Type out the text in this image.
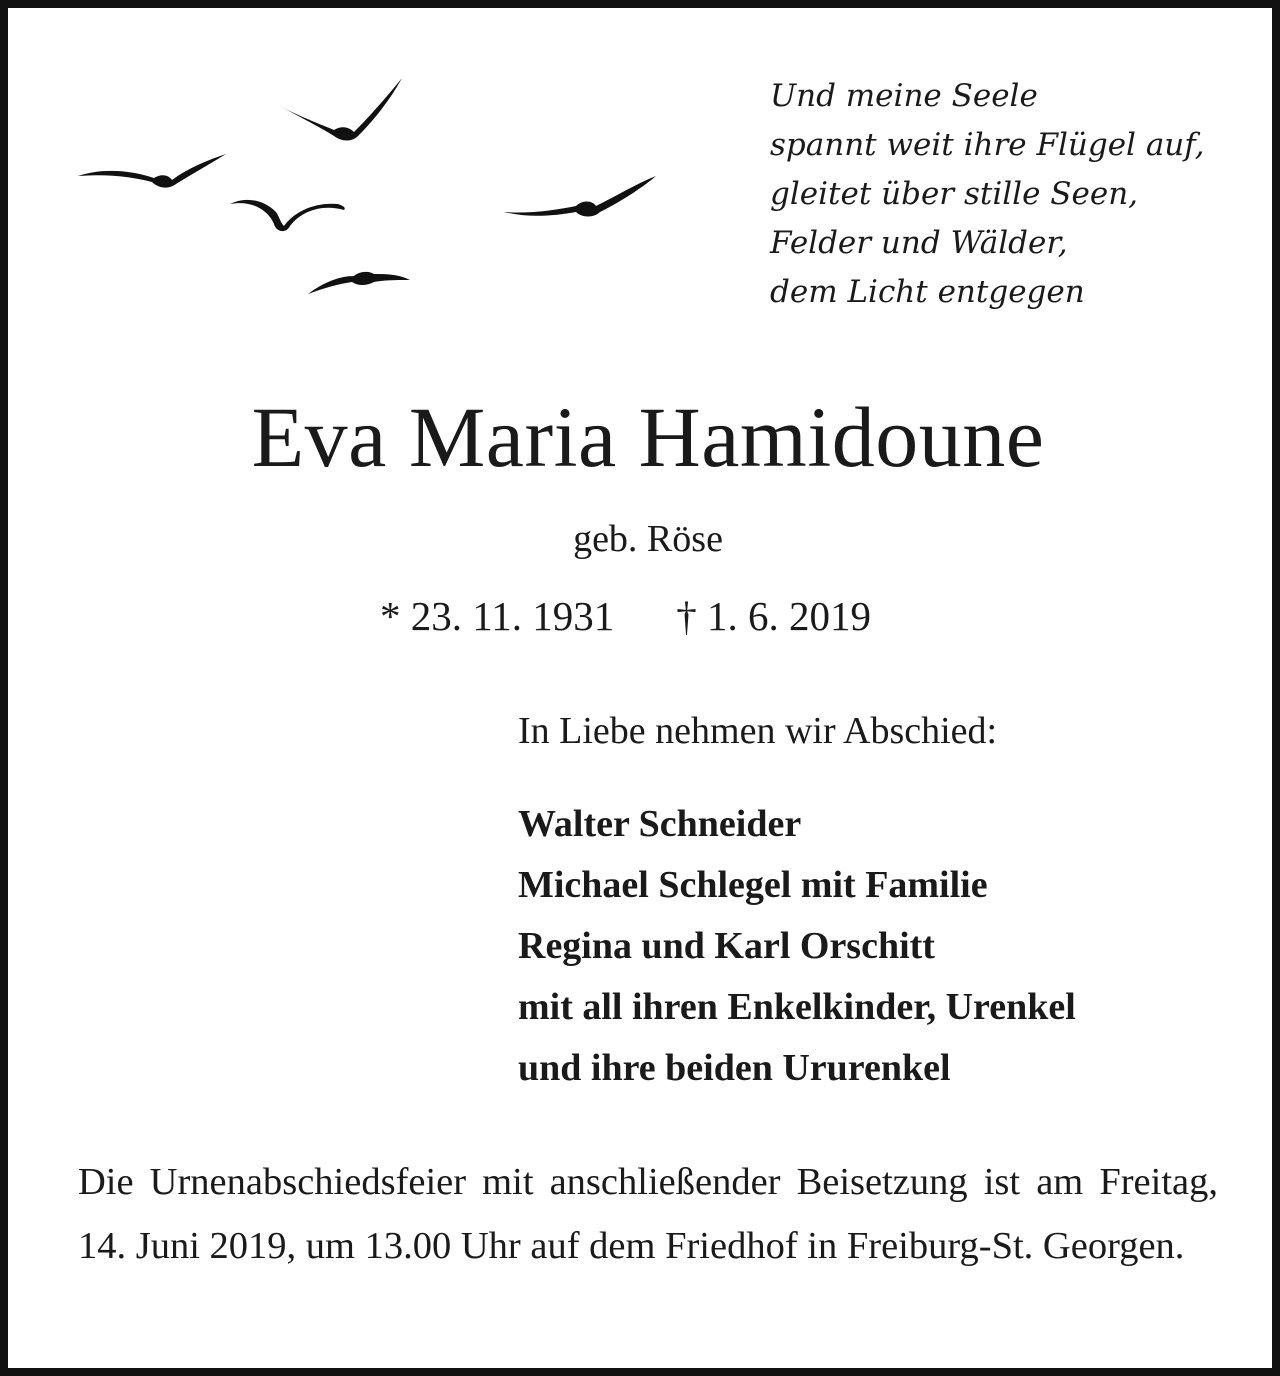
Und meine Seele
spannt weit ihre Flügel auf,
gleitet über stille Seen,
Felder und Wälder,
dem Licht entgegen
Eva Maria Hamidoune
geb. Röse
* 23. 11. 1931 † 1. 6. 2019
In Liebe nehmen wir Abschied:
Walter Schneider
Michael Schlegel mit Familie
Regina und Karl Orschitt
mit all ihren Enkelkinder, Urenkel
und ihre beiden Ururenkel
Die Urnenabschiedsfeier mit anschließender Beisetzung ist am Freitag, 14. Juni 2019, um 13.00 Uhr auf dem Friedhof in Freiburg-St. Georgen.
